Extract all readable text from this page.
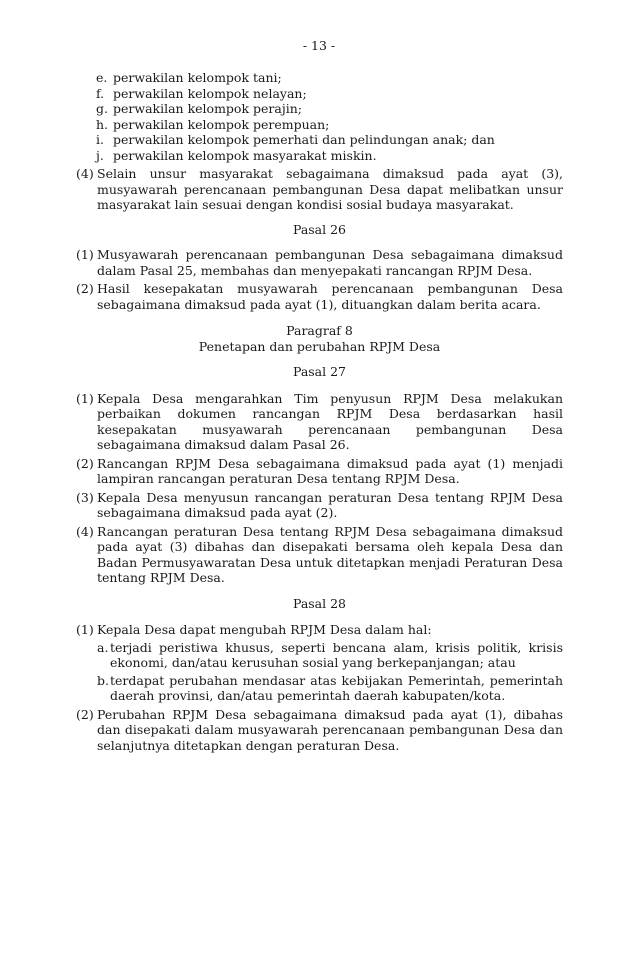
- 13 -
e. perwakilan kelompok tani;
f. perwakilan kelompok nelayan;
g. perwakilan kelompok perajin;
h. perwakilan kelompok perempuan;
i. perwakilan kelompok pemerhati dan pelindungan anak; dan
j. perwakilan kelompok masyarakat miskin.
(4) Selain unsur masyarakat sebagaimana dimaksud pada ayat (3), musyawarah perencanaan pembangunan Desa dapat melibatkan unsur masyarakat lain sesuai dengan kondisi sosial budaya masyarakat.
Pasal 26
(1) Musyawarah perencanaan pembangunan Desa sebagaimana dimaksud dalam Pasal 25, membahas dan menyepakati rancangan RPJM Desa.
(2) Hasil kesepakatan musyawarah perencanaan pembangunan Desa sebagaimana dimaksud pada ayat (1), dituangkan dalam berita acara.
Paragraf 8
Penetapan dan perubahan RPJM Desa
Pasal 27
(1) Kepala Desa mengarahkan Tim penyusun RPJM Desa melakukan perbaikan dokumen rancangan RPJM Desa berdasarkan hasil kesepakatan musyawarah perencanaan pembangunan Desa sebagaimana dimaksud dalam Pasal 26.
(2) Rancangan RPJM Desa sebagaimana dimaksud pada ayat (1) menjadi lampiran rancangan peraturan Desa tentang RPJM Desa.
(3) Kepala Desa menyusun rancangan peraturan Desa tentang RPJM Desa sebagaimana dimaksud pada ayat (2).
(4) Rancangan peraturan Desa tentang RPJM Desa sebagaimana dimaksud pada ayat (3) dibahas dan disepakati bersama oleh kepala Desa dan Badan Permusyawaratan Desa untuk ditetapkan menjadi Peraturan Desa tentang RPJM Desa.
Pasal 28
(1) Kepala Desa dapat mengubah RPJM Desa dalam hal:
a. terjadi peristiwa khusus, seperti bencana alam, krisis politik, krisis ekonomi, dan/atau kerusuhan sosial yang berkepanjangan; atau
b. terdapat perubahan mendasar atas kebijakan Pemerintah, pemerintah daerah provinsi, dan/atau pemerintah daerah kabupaten/kota.
(2) Perubahan RPJM Desa sebagaimana dimaksud pada ayat (1), dibahas dan disepakati dalam musyawarah perencanaan pembangunan Desa dan selanjutnya ditetapkan dengan peraturan Desa.
